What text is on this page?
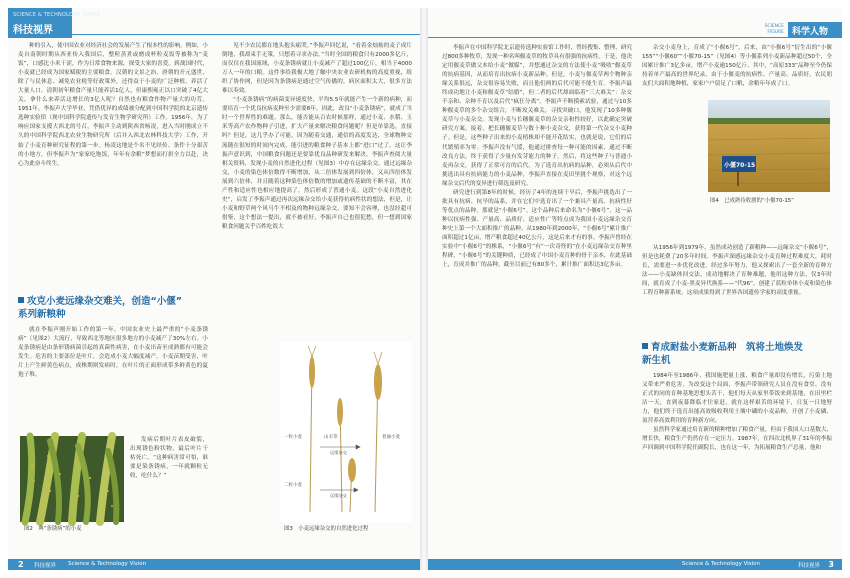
SCIENCE & TECHNOLOGY VISION
科技视界

种的引入，使中国农业对经济社会的发展产生了根本性的影响。例如，小麦自南朝时期从西亚传入我国后，整粒蒸煮或磨成杯粒麦饭等被称为“麦饭”，口感比小米干涩，作为日常食物来源，探受大家的喜爱。到战国时代，小麦就已经成为国家赋税的主要粮食。汉朝的文景之治、唐朝的开元盛世，除了与民休息、减免农业税等好政策外，还得益于小麦的广泛种植，养活了大量人口。清朝初年粮食产量只能养活1亿人，但康熙雍正以口突破了4亿大关，拿什么来养活这增长的3亿人呢？自然也有粮食作物产量大的功劳。1951年，李振声大学毕业，凭借优异的成绩被分配到中国科学院的北京遗传选种实验馆（现中国科学院遗传与发育生物学研究所）工作。1956年，为了响应国家支援大西北的号召，李振声主动到陕西省杨凌，进入当时刚成立不久的中国科学院西北农业生物研究所（后并入西北农林科技大学）工作，开始了小麦育种研究征程的第一步。杨凌这地是个名不见经传、条件十分艰苦的小地方，但李振声为“家家吃饱饭，年年有余粮”梦想而打拼全力以赴，决心为此奋斗终生。

攻克小麦远缘杂交难关，创造“小偃”
系列新粮种

就在李振声刚开始工作的第一年，中国农业史上最严重的“小麦条锈病”（见图2）大流行，导致西北等地区很多地方的小麦减产了30%左右。小麦条锈病是由条形锈病菌引起的真菌性病害，在小麦出苗至成熟都有可能会发生。危害的主要部位是叶片，会造成小麦大幅度减产。小麦苗期受害，叶片上产生鲜黄色病点，成株期则发病时，在叶片的正面形成带多鲜黄色的夏孢子堆。

图2　典“条锈病”的小麦

发病后期叶片表皮破裂，出现锈色粉状物，最后叶片干枯死亡。“这种病害常可怕，谁要是染条锈病，一年就颗粒无收，吃什么？”

见不少农民都在地头抱头痛哭。”李振声回忆说，“看着金灿灿的麦子成片倒地，我却束手无策，只想着寻求办法。”当时全国的粮食只有2000多亿斤，而仅仅在我国流域，小麦条锈病就让小麦减产了超过100亿斤，相当于4000万人一年的口粮。这件事给我极大地了触中央农业农研机构的高度重视，组织了协作网，但是因为条锈病是通过空气传播的，病区面积太大，很多方法难以奏效。

“小麦条锈病”的病菌变异速度快，平均5.5年就能产生一个新的病种，而要培育一个优良抗病麦种至少需要8年。因此，改良“小麦条锈病”，就成了当时一个世界性的难题。那么，能否能从百农时候那样，通过小麦、水稻、玉米等高产农作物种子引进，扩大产量来解决粮食问题呢？但是单靠选，直接吗？但是，这几乎办了可能，因为随着交通，通信的高度发达，全球物种交流随在很短的时间内完成，能引进的粮食种子基本上都“进口”过了。这让李振声意识到，中国粮食问题还是要靠优良品种研发来解决。李振声查阅大量相关资料，发现小麦的自然进化过程（见图3）中存在远缘杂交。通过远缘杂交，小麦的染色体倍数得不断增加，从二倍体发展到四倍体，又从四倍体发展到六倍体，并且随着这种染色体倍数的增加或遗传基础的不断丰富，其在产性和适应性也相应地提高了。然后形成了普通小麦。这段“小麦自然进化史”，启发了李振声通过再次远缘杂交给小麦获得抗病性状的想法，但是，让小麦和野草两个风马牛不相及的物种远缘杂交，要知不会容理，也没经超可借鉴，这个想法一提出，就不被看好，李振声自己也很犯愁，但一想到国家粮食问题关乎百姓吃饭大

一粒小麦
二粒小麦
山羊草	普通小麦
远缘杂交
远缘杂交
图3　小麦远缘杂交的自然进化过程
2 科技视界 Science & Technology Vision
SCIENCE
FIGURE 科学人物

李振声在中国科学院北京遗传选种实验馆工作时，曾经搜集、整理、研究过800多种牧草，发现一种名叫偃麦草的牧草具有很强的抗病性。于是，他决定用偃麦草做父本给小麦“做媒”，并想通过杂交的方法使小麦“吸收”偃麦草的抗病基因，从而培育出抗病小麦新品种。但是，小麦与偃麦草两个物种亲缘关系很远，杂交很容易失败，而且他们两的后代可能不能生育。李振声最终成功地让小麦和偃麦草“结婚”，但二者的后代却面临着“三大难关”：杂交不亲和、杂种不育以及后代“疯狂分离”。李振声不断摸索试验，通过与10多种偃麦草的多个杂交组合，不断攻关难关，寻找突破口，他发现了10多种偃麦草与小麦杂交。发现小麦与长穗偃麦草的杂交亲和性较好，以此确定突破研究方案。接着，把长穗偃麦草与数十种小麦杂交，获得第一代杂交小麦种子。但是，这些种子出来的小麦植株却不能开花结实，也就是说，它们的后代繁殖率为零。李振声没有气馁，他通过排查每一种可能的因素，通过不断改良方法，终于获得了少量有发芽能力的种子。然后，将这些种子与普通小麦再杂交，获得了正常可育的后代。为了选育出抗病的品种，必须从后代中挑选出具有抗病能力的小麦品种，李振声直接在麦田里挑个观察，对这个远缘杂交后代的变异进行筛选及研究。

研究进行到第8年的时候，经历了4年的连续干旱后，李振声挑选出了一批具有抗病、抗旱的品系，并在它们中选育出了一个兼具产量高、抗病性好等优点的品种，那就是“小偃6号”。这个品种后来命名为“小偃6号”，这一品种以抗病性强、产量高、品质好、适应性广等特点成为我国小麦远缘杂交育种史上第一个大面积推广的品种。从1980年到2000年，“小偃6号”累计推广面积超过1亿亩，增产粮食超过40亿公斤，这是后来才有的事。李振声曾经在实验中“小偃6号”的株系，“小偃6号”有“一次奇怪的”在小麦远缘杂交育种里程碑，“小偃6号”的关键种质，已经成了中国小麦育种的骨干亲本，在此基础上，育成并推广的品种，截至目前已有80多个，累计推广面积达3亿多亩。

杂交小麦身上，育成了“小偃6号”，后来，由“小偃6号”衍生出的“小偃155”“小偃60”“小偃70-15”（见图4）等小偃系列小麦新品种超过50个，全国累计推广3亿多亩，增产小麦逾150亿斤。其中，“高原333”品种至今仍保持着单产最高的世界纪录。由于小偃麦的抗病性、产量高、品质好，农民朋友们大面积地种植，家家户户留足了口粮，余粮年年成了口。

小偃70-15
图4　已成熟待收割的“小偃70-15”

从1956年到1979年，虽然成功创造了新粮种——远缘杂交“小偃6号”，但是也耗费了20多年时间。李振声深感远缘杂交小麦育种过程难度大，耗时长，需要进一步优化改进。经过多年努力，他又探索出了一套全新的育种方法——小麦缺体回交法，成功地解决了育种难题，他用这种方法，仅3年时间，就育成了小麦-黑麦异代换系——“代96”。创建了蓝粒单体小麦和染色体工程育种新系统。这项成果得到了世界各国遗传学家的高度重视。

育成耐盐小麦新品种　筑将土地焕发
新生机

1984年至1986年，我国施肥量上涨，粮食产量却没有增长，污染土地又带来严重危害，为改变这个局面，李振声带领研究人员在没有食堂、没有正式的同的育种基地思想头苦干，他们每天从家里带饭来到基地，在田里栏洁一天，直到夜幕降临才往家赶，就在这样艰苦的环境下，日复一日地努力，他们终于选育出能高效吸收利用土壤中磷的小麦品种，开创了小麦磷、氮营养高效利用的育种新方向。

虽然科学家通过培育新的粮种增加了粮食产量，但由于我国人口基数大、增长快，粮食生产仍然存在一定压力。1987年，在四次北机界了31年的李振声回调到中国科学院任副院长，也在这一年，为拓展粮食生产总量，他和

Science & Technology Vision	科技视界 3
